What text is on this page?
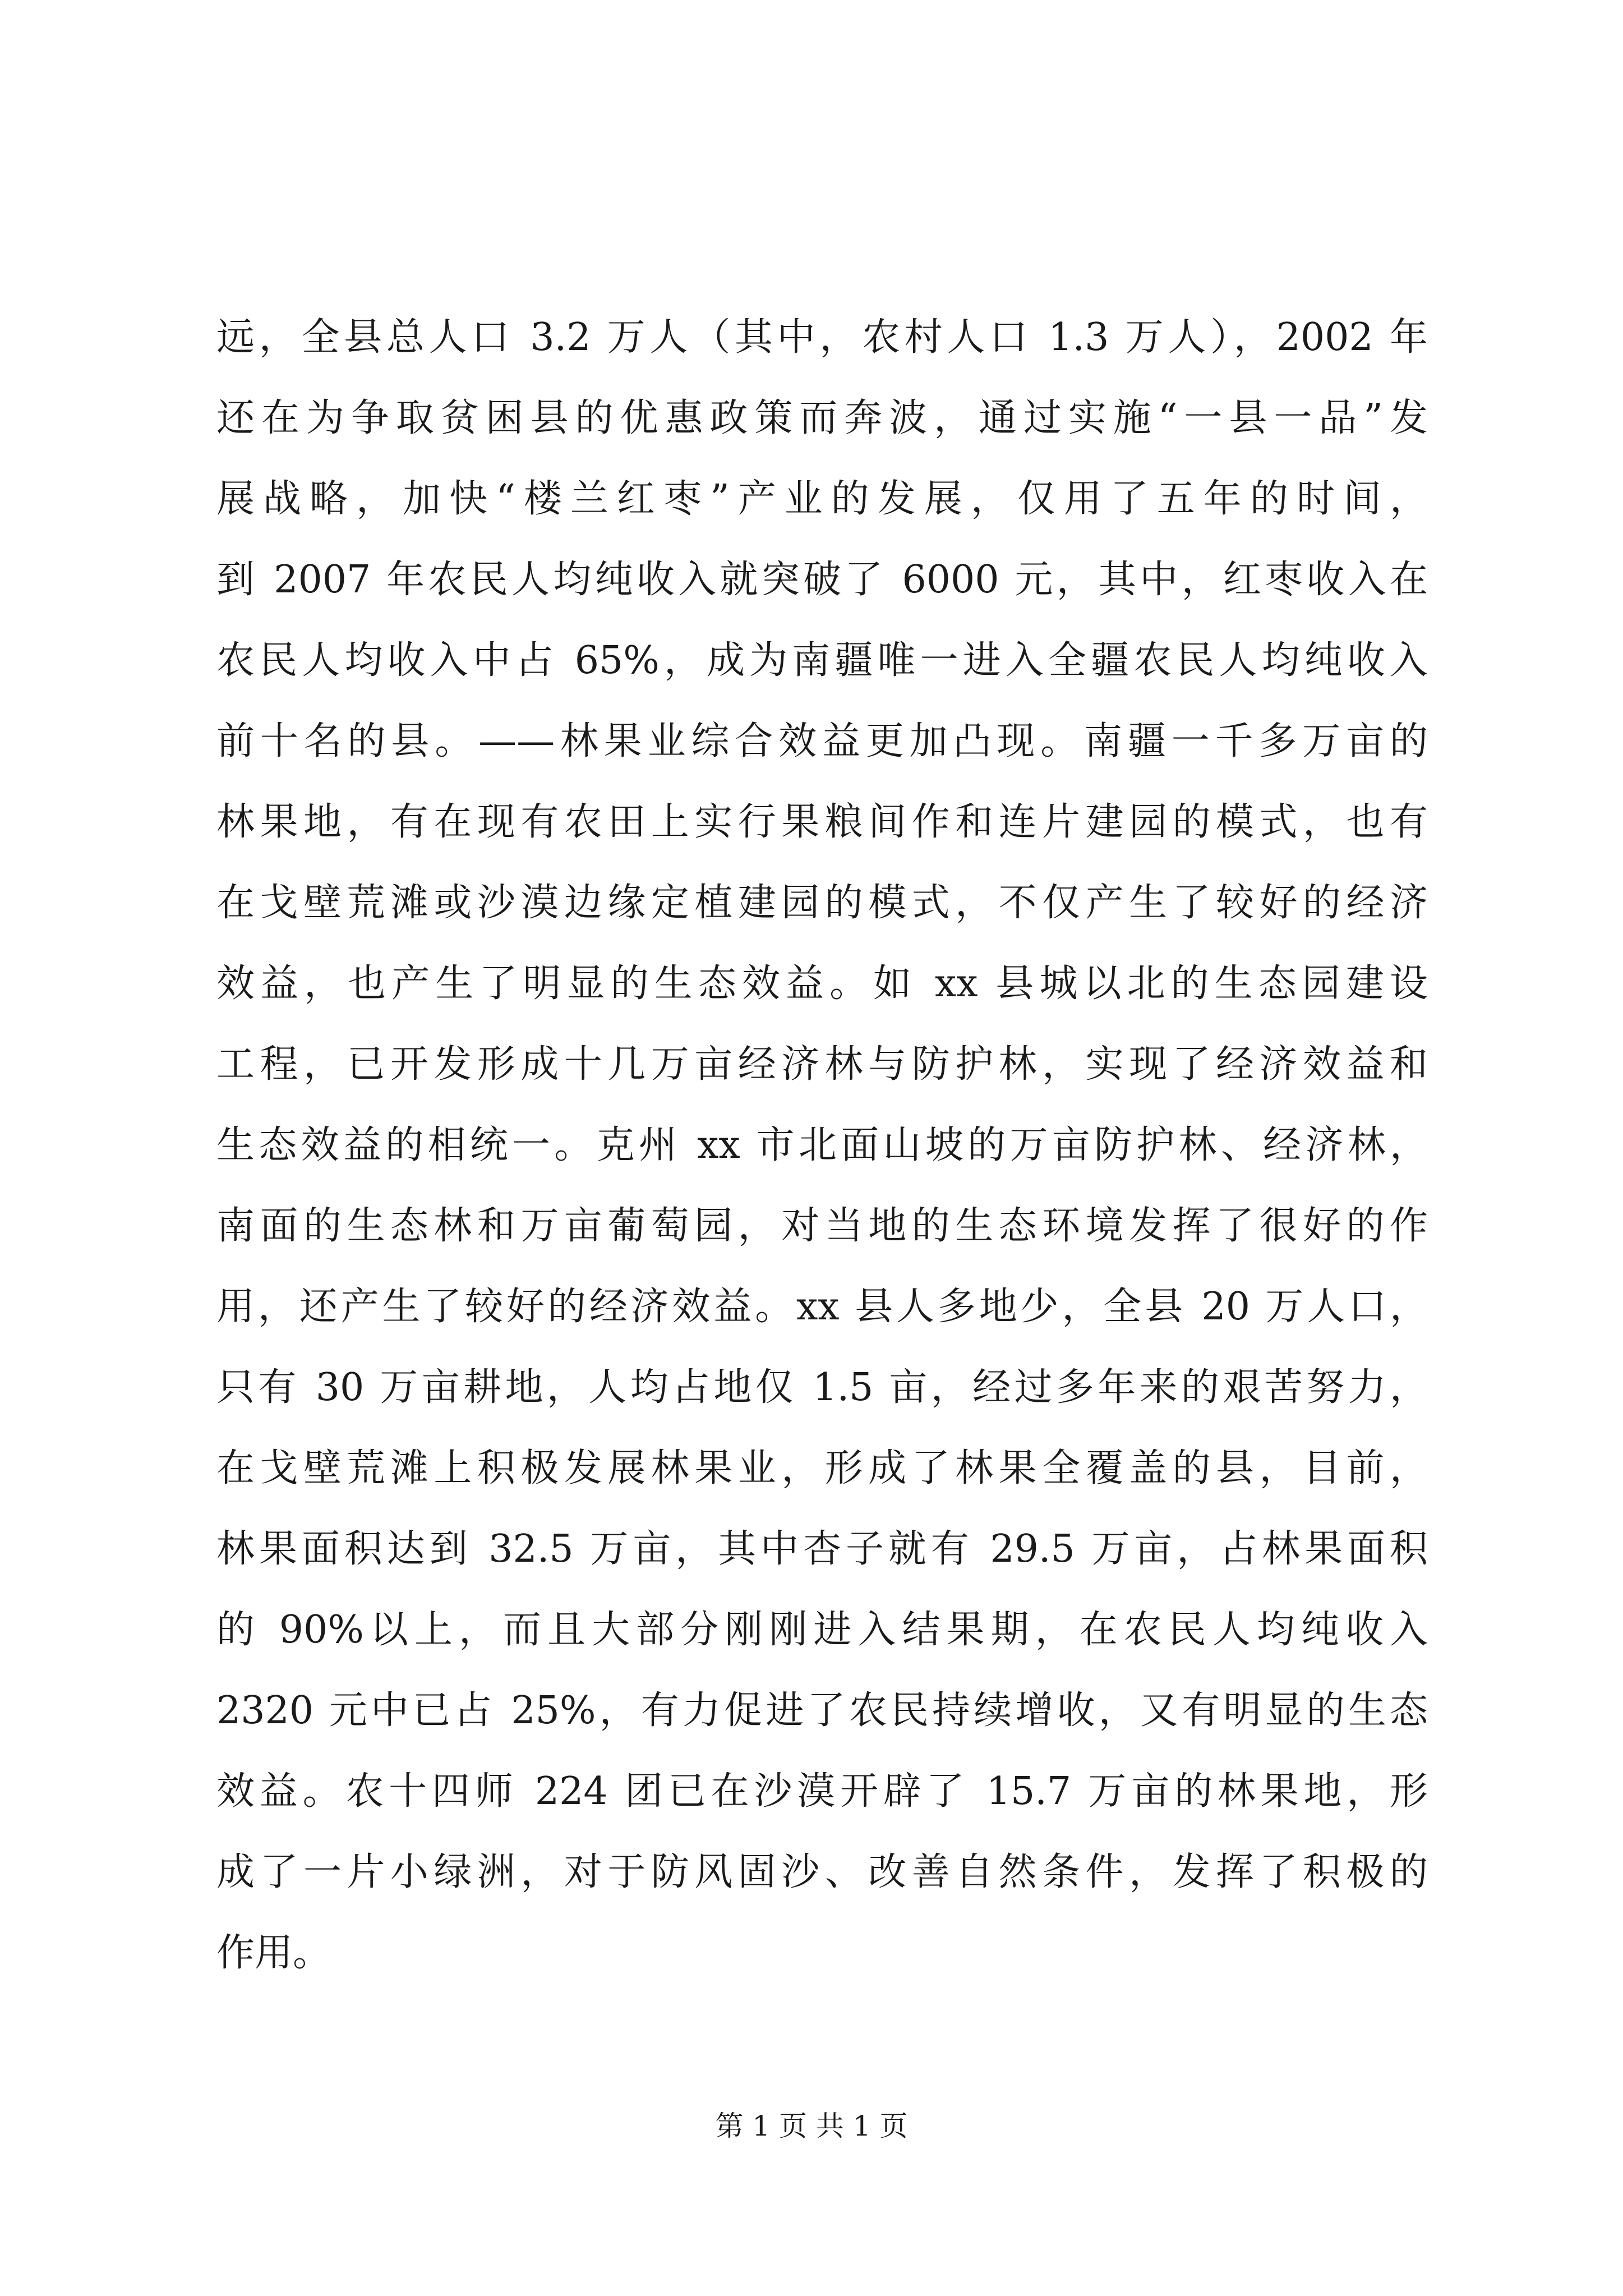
远，全县总人口 3.2 万人（其中，农村人口 1.3 万人），2002 年
还在为争取贫困县的优惠政策而奔波，通过实施“一县一品”发
展战略，加快“楼兰红枣”产业的发展，仅用了五年的时间，
到 2007 年农民人均纯收入就突破了 6000 元，其中，红枣收入在
农民人均收入中占 65%，成为南疆唯一进入全疆农民人均纯收入
前十名的县。——林果业综合效益更加凸现。南疆一千多万亩的
林果地，有在现有农田上实行果粮间作和连片建园的模式，也有
在戈壁荒滩或沙漠边缘定植建园的模式，不仅产生了较好的经济
效益，也产生了明显的生态效益。如 xx 县城以北的生态园建设
工程，已开发形成十几万亩经济林与防护林，实现了经济效益和
生态效益的相统一。克州 xx 市北面山坡的万亩防护林、经济林，
南面的生态林和万亩葡萄园，对当地的生态环境发挥了很好的作
用，还产生了较好的经济效益。xx 县人多地少，全县 20 万人口，
只有 30 万亩耕地，人均占地仅 1.5 亩，经过多年来的艰苦努力，
在戈壁荒滩上积极发展林果业，形成了林果全覆盖的县，目前，
林果面积达到 32.5 万亩，其中杏子就有 29.5 万亩，占林果面积
的 90%以上，而且大部分刚刚进入结果期，在农民人均纯收入
2320 元中已占 25%，有力促进了农民持续增收，又有明显的生态
效益。农十四师 224 团已在沙漠开辟了 15.7 万亩的林果地，形
成了一片小绿洲，对于防风固沙、改善自然条件，发挥了积极的
作用。
第 1 页 共 1 页
